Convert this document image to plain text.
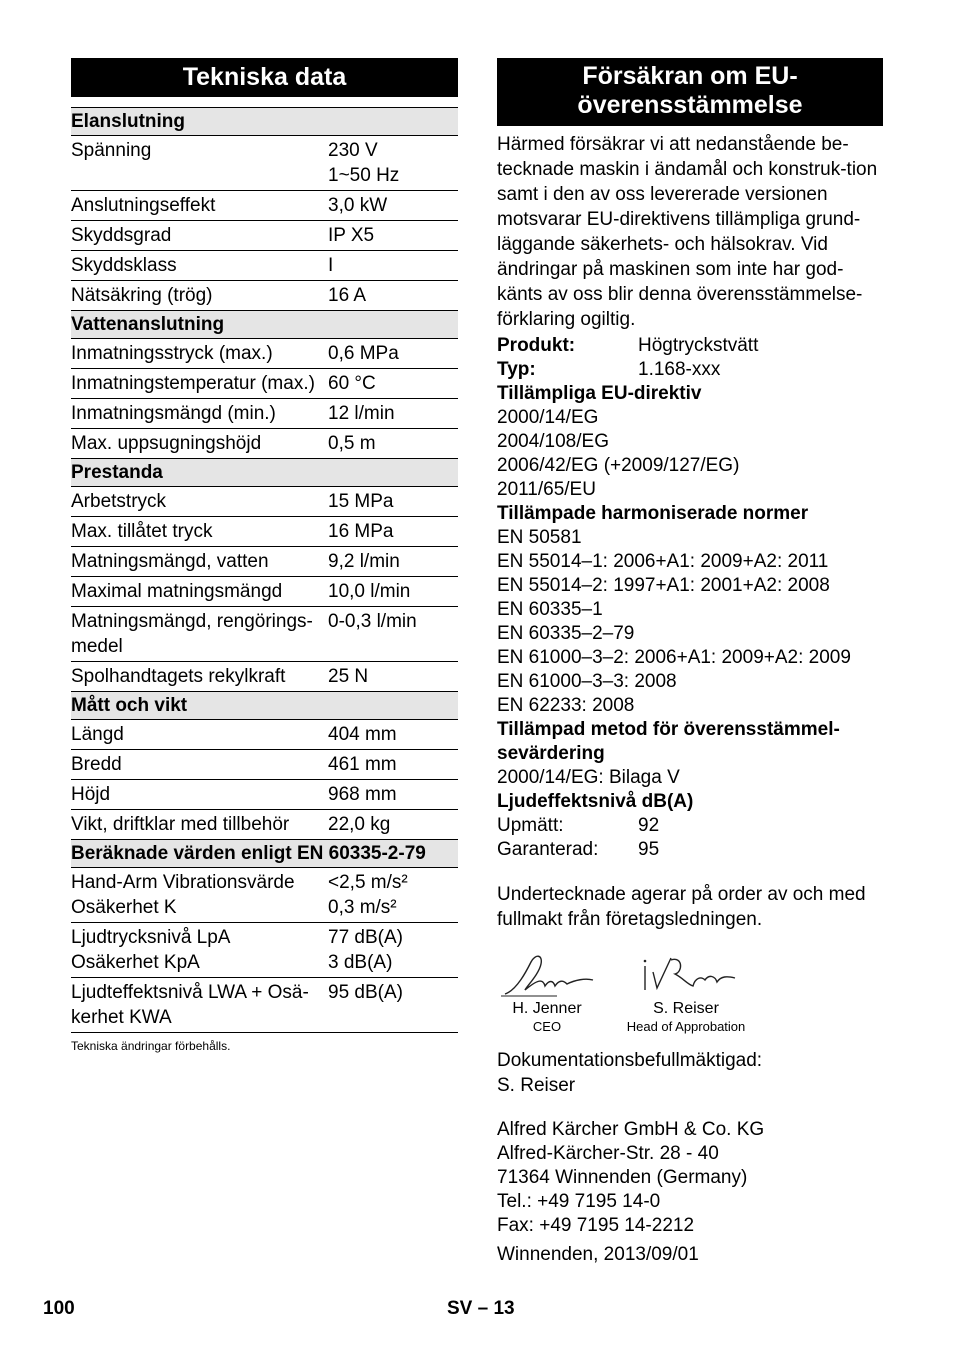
Tekniska data
Elanslutning	
Spänning	230 V
1~50 Hz

Anslutningseffekt	3,0 kW

Skyddsgrad	IP X5

Skyddsklass	I

Nätsäkring (trög)	16 A

Vattenanslutning	
Inmatningsstryck (max.)	0,6 MPa

Inmatningstemperatur (max.)	60 °C

Inmatningsmängd (min.)	12 l/min

Max. uppsugningshöjd	0,5 m

Prestanda	
Arbetstryck	15 MPa

Max. tillåtet tryck	16 MPa

Matningsmängd, vatten	9,2 l/min

Maximal matningsmängd	10,0 l/min

Matningsmängd, rengörings-medel	0-0,3 l/min

Spolhandtagets rekylkraft	25 N

Mått och vikt	
Längd	404 mm

Bredd	461 mm

Höjd	968 mm

Vikt, driftklar med tillbehör	22,0 kg

Beräknade värden enligt EN 60335-2-79	
Hand-Arm Vibrationsvärde
Osäkerhet K	<2,5 m/s²
0,3 m/s²

Ljudtrycksnivå LpA
Osäkerhet KpA	77 dB(A)
3 dB(A)

Ljudteffektsnivå LWA + Osä-kerhet KWA	95 dB(A)
Tekniska ändringar förbehålls.
Försäkran om EU-
överensstämmelse
Härmed försäkrar vi att nedanstående be-tecknade maskin i ändamål och konstruk-tion samt i den av oss levererade versionen motsvarar EU-direktivens tillämpliga grund-läggande säkerhets- och hälsokrav. Vid ändringar på maskinen som inte har god-känts av oss blir denna överensstämmelse-förklaring ogiltig.
Produkt:	Högtryckstvätt
Typ:	1.168-xxx
Tillämpliga EU-direktiv
2000/14/EG
2004/108/EG
2006/42/EG (+2009/127/EG)
2011/65/EU
Tillämpade harmoniserade normer
EN 50581
EN 55014–1: 2006+A1: 2009+A2: 2011
EN 55014–2: 1997+A1: 2001+A2: 2008
EN 60335–1
EN 60335–2–79
EN 61000–3–2: 2006+A1: 2009+A2: 2009
EN 61000–3–3: 2008
EN 62233: 2008
Tillämpad metod för överensstämmel-
sevärdering
2000/14/EG: Bilaga V
Ljudeffektsnivå dB(A)
Upmätt:	92
Garanterad:	95
Undertecknade agerar på order av och med fullmakt från företagsledningen.
H. Jenner
CEO
S. Reiser
Head of Approbation
Dokumentationsbefullmäktigad:
S. Reiser
Alfred Kärcher GmbH & Co. KG
Alfred-Kärcher-Str. 28 - 40
71364 Winnenden (Germany)
Tel.: +49 7195 14-0
Fax: +49 7195 14-2212
Winnenden, 2013/09/01
100	SV – 13
